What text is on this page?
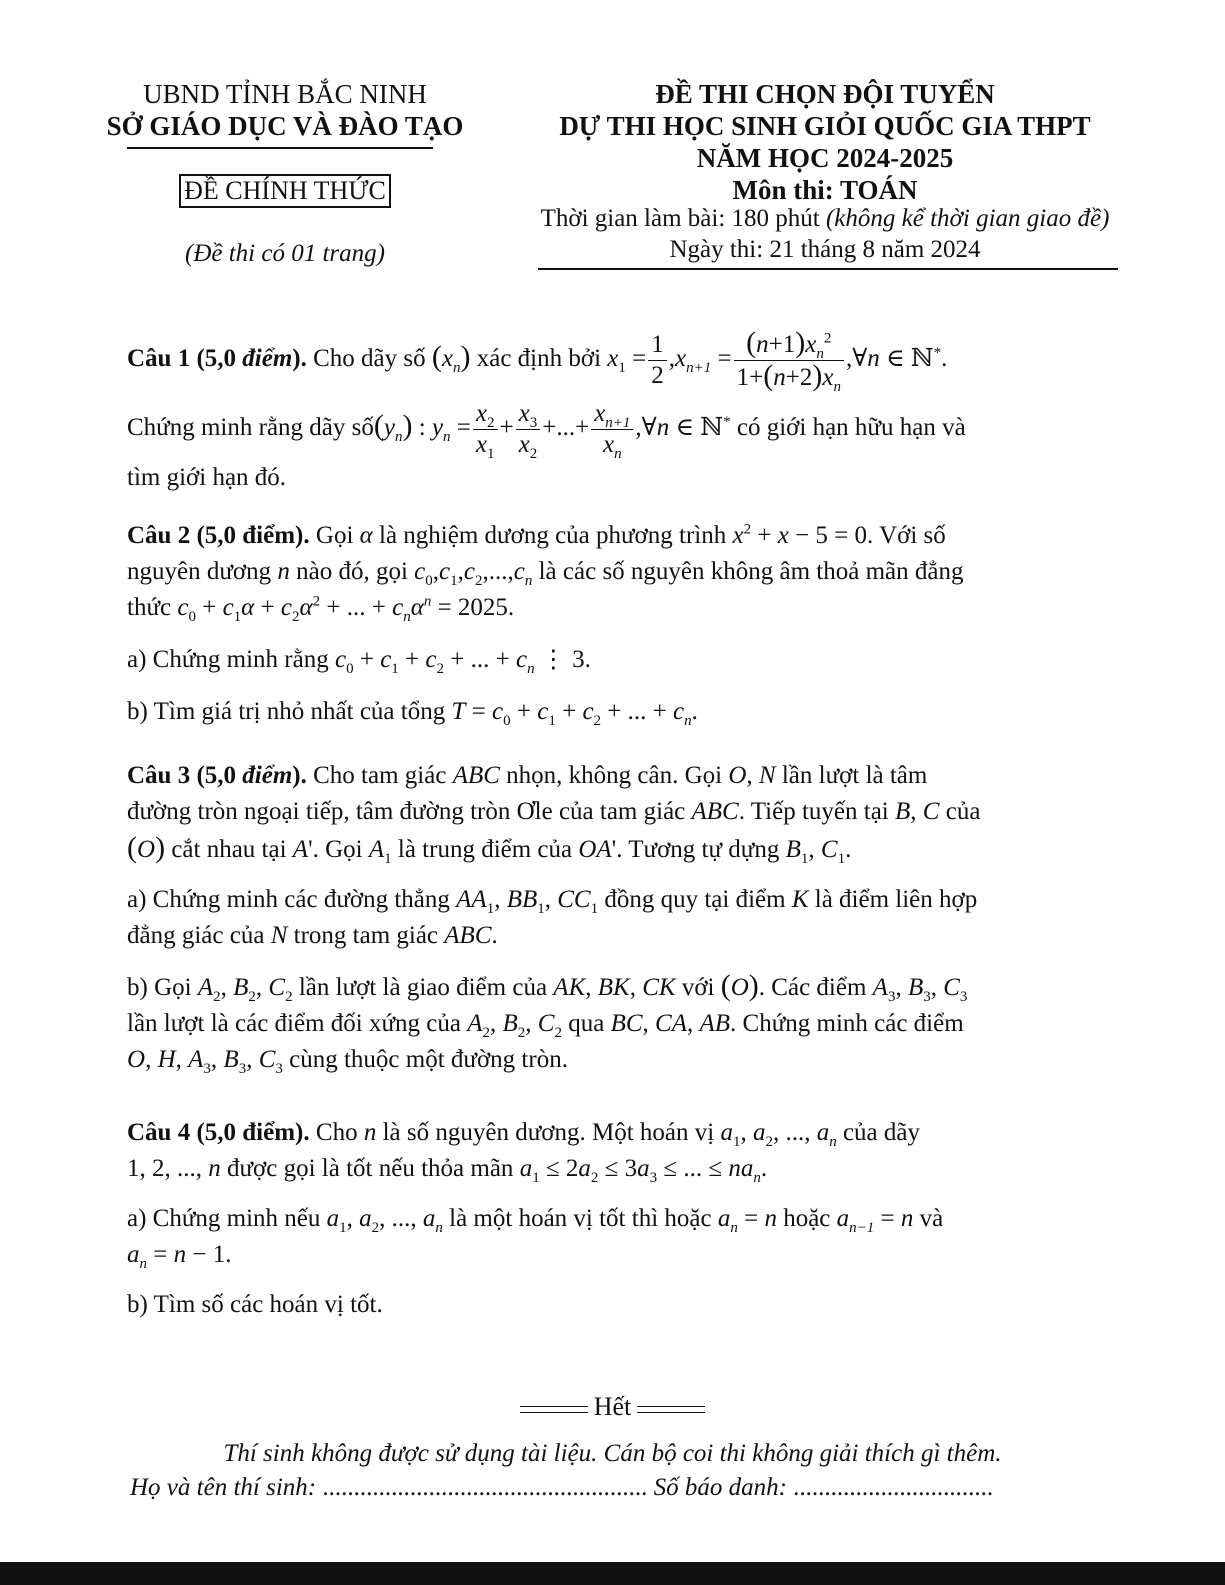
UBND TỈNH BẮC NINH
SỞ GIÁO DỤC VÀ ĐÀO TẠO
ĐỀ CHÍNH THỨC
(Đề thi có 01 trang)
ĐỀ THI CHỌN ĐỘI TUYỂN
DỰ THI HỌC SINH GIỎI QUỐC GIA THPT
NĂM HỌC 2024-2025
Môn thi: TOÁN
Thời gian làm bài: 180 phút (không kể thời gian giao đề)
Ngày thi: 21 tháng 8 năm 2024
Câu 1 (5,0 điểm). Cho dãy số $(x_n)$ xác định bởi $x_1 = \frac{1}{2} ,x_{n+1} = \frac{(n+1)x_n^2}{1+(n+2)x_n}$ ,∀n ∈ ℕ*.
Chứng minh rằng dãy $số(y_n)$ : $y_n = \frac{x_2}{x_1} + \frac{x_3}{x_2}$ +...+ $\frac{x_{n+1}}{x_n}$ ,∀n ∈ ℕ* có giới hạn hữu hạn và
tìm giới hạn đó.
Câu 2 (5,0 điểm). Gọi α là nghiệm dương của phương trình $x^2 + x - 5 = 0$. Với số
nguyên dương n nào đó, gọi $c_0,c_1,c_2,...,c_n$ là các số nguyên không âm thoả mãn đẳng
thức $c_0 + c_1\alpha + c_2\alpha^2$ + ... + $c_n\alpha^n = 2025$.
a) Chứng minh rằng $c_0 + c_1 + c_2$ + ... + $c_n$ ⋮ 3.
b) Tìm giá trị nhỏ nhất của tổng $T = c_0 + c_1 + c_2$ + ... + $c_n$.
Câu 3 (5,0 điểm). Cho tam giác ABC nhọn, không cân. Gọi O, N lần lượt là tâm
đường tròn ngoại tiếp, tâm đường tròn Ơle của tam giác ABC. Tiếp tuyến tại B, C của
(O) cắt nhau tại A'. Gọi $A_1$ là trung điểm của OA'. Tương tự dựng $B_1$, $C_1$.
a) Chứng minh các đường thẳng $AA_1$, $BB_1$, $CC_1$ đồng quy tại điểm K là điểm liên hợp
đẳng giác của N trong tam giác ABC.
b) Gọi $A_2$, $B_2$, $C_2$ lần lượt là giao điểm của AK, BK, CK với (O). Các điểm $A_3$, $B_3$, $C_3$
lần lượt là các điểm đối xứng của $A_2$, $B_2$, $C_2$ qua BC, CA, AB. Chứng minh các điểm
O, H, $A_3$, $B_3$, $C_3$ cùng thuộc một đường tròn.
Câu 4 (5,0 điểm). Cho n là số nguyên dương. Một hoán vị $a_1$, $a_2$, ..., $a_n$ của dãy
1, 2, ..., n được gọi là tốt nếu thỏa mãn $a_1 \le 2a_2 \le 3a_3$ ≤ ... ≤ $na_n$.
a) Chứng minh nếu $a_1$, $a_2$, ..., $a_n$ là một hoán vị tốt thì hoặc $a_n = n$ hoặc $a_{n-1} = n$ và
$a_n = n - 1$.
b) Tìm số các hoán vị tốt.
Hết
Thí sinh không được sử dụng tài liệu. Cán bộ coi thi không giải thích gì thêm.
Họ và tên thí sinh: .................................................... Số báo danh: ................................
